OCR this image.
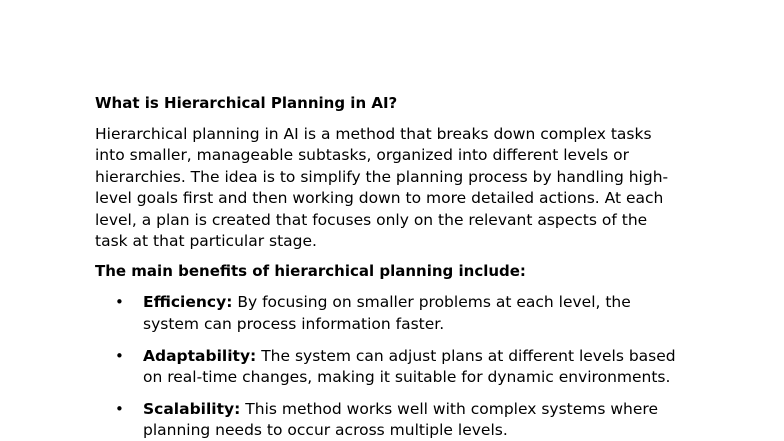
What is Hierarchical Planning in AI?
Hierarchical planning in AI is a method that breaks down complex tasks
into smaller, manageable subtasks, organized into different levels or
hierarchies. The idea is to simplify the planning process by handling high-
level goals first and then working down to more detailed actions. At each
level, a plan is created that focuses only on the relevant aspects of the
task at that particular stage.
The main benefits of hierarchical planning include:
• Efficiency: By focusing on smaller problems at each level, the
system can process information faster.
• Adaptability: The system can adjust plans at different levels based
on real-time changes, making it suitable for dynamic environments.
• Scalability: This method works well with complex systems where
planning needs to occur across multiple levels.
